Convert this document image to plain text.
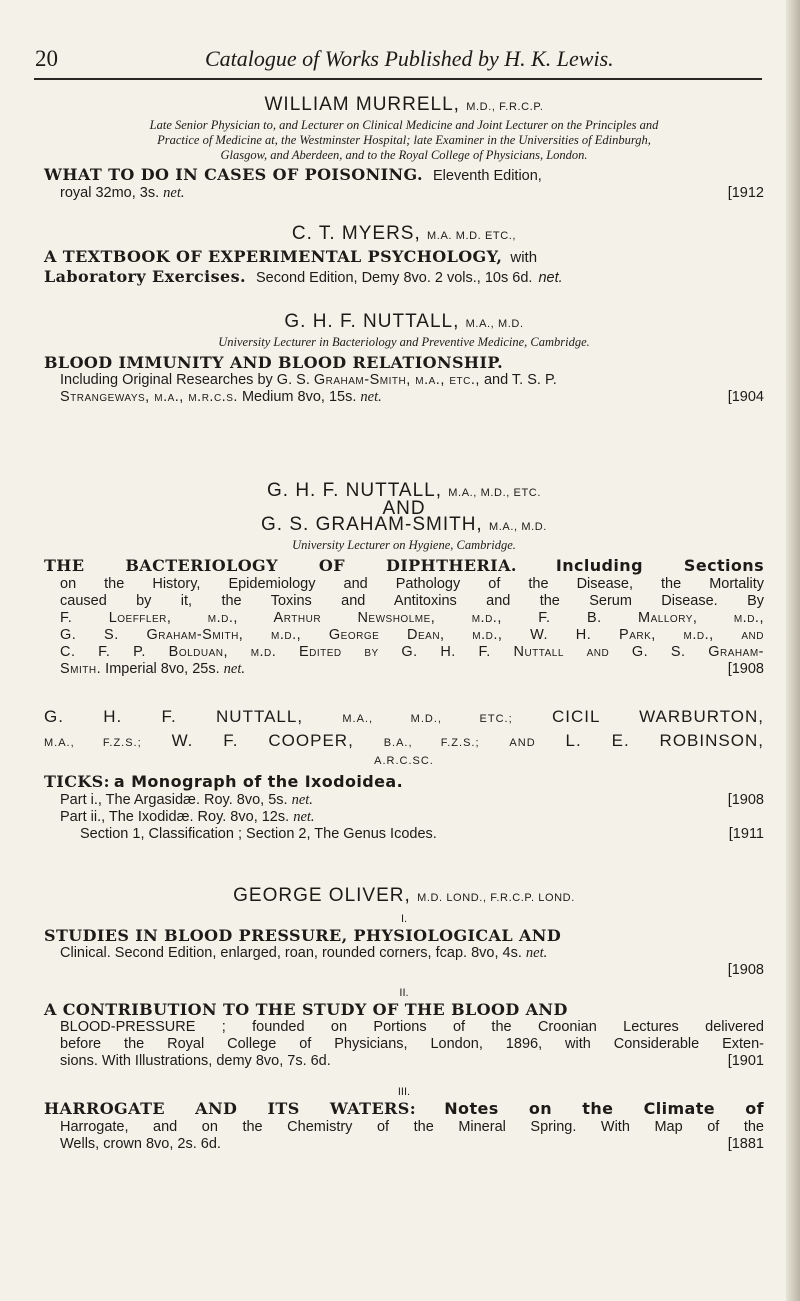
20	Catalogue of Works Published by H. K. Lewis.
WILLIAM MURRELL, M.D., F.R.C.P.
Late Senior Physician to, and Lecturer on Clinical Medicine and Joint Lecturer on the Principles and
Practice of Medicine at, the Westminster Hospital; late Examiner in the Universities of Edinburgh,
Glasgow, and Aberdeen, and to the Royal College of Physicians, London.
WHAT TO DO IN CASES OF POISONING. Eleventh Edition,
royal 32mo, 3s. net.	[1912
C. T. MYERS, M.A. M.D. ETC.,
A TEXTBOOK OF EXPERIMENTAL PSYCHOLOGY, with
Laboratory Exercises. Second Edition, Demy 8vo. 2 vols., 10s 6d. net.
G. H. F. NUTTALL, M.A., M.D.
University Lecturer in Bacteriology and Preventive Medicine, Cambridge.
BLOOD IMMUNITY AND BLOOD RELATIONSHIP.
Including Original Researches by G. S. Graham-Smith, m.a., etc., and T. S. P.
Strangeways, m.a., m.r.c.s. Medium 8vo, 15s. net.	[1904
G. H. F. NUTTALL, M.A., M.D., ETC.
AND
G. S. GRAHAM-SMITH, M.A., M.D.
University Lecturer on Hygiene, Cambridge.
THE BACTERIOLOGY OF DIPHTHERIA. Including Sections
on the History, Epidemiology and Pathology of the Disease, the Mortality
caused by it, the Toxins and Antitoxins and the Serum Disease. By
F. Loeffler, m.d., Arthur Newsholme, m.d., F. B. Mallory, m.d.,
G. S. Graham-Smith, m.d., George Dean, m.d., W. H. Park, m.d., and
C. F. P. Bolduan, m.d. Edited by G. H. F. Nuttall and G. S. Graham-
Smith. Imperial 8vo, 25s. net.	[1908
G. H. F. NUTTALL,	M.A., M.D., ETC.; CICIL WARBURTON,
M.A., F.Z.S.; W. F. COOPER,	B.A., F.Z.S.;	AND L. E. ROBINSON,
A.R.C.SC.
TICKS: a Monograph of the Ixodoidea.
Part i., The Argasidæ. Roy. 8vo, 5s. net.	[1908
Part ii., The Ixodidæ. Roy. 8vo, 12s. net.
Section 1, Classification ; Section 2, The Genus Icodes.	[1911
GEORGE OLIVER, M.D. LOND., F.R.C.P. LOND.
I.
STUDIES IN BLOOD PRESSURE, PHYSIOLOGICAL AND
Clinical. Second Edition, enlarged, roan, rounded corners, fcap. 8vo, 4s. net.
[1908
II.
A CONTRIBUTION TO THE STUDY OF THE BLOOD AND
BLOOD-PRESSURE ; founded on Portions of the Croonian Lectures delivered
before the Royal College of Physicians, London, 1896, with Considerable Exten-
sions. With Illustrations, demy 8vo, 7s. 6d.	[1901
III.
HARROGATE AND ITS WATERS: Notes on the Climate of
Harrogate, and on the Chemistry of the Mineral Spring. With Map of the
Wells, crown 8vo, 2s. 6d.	[1881
